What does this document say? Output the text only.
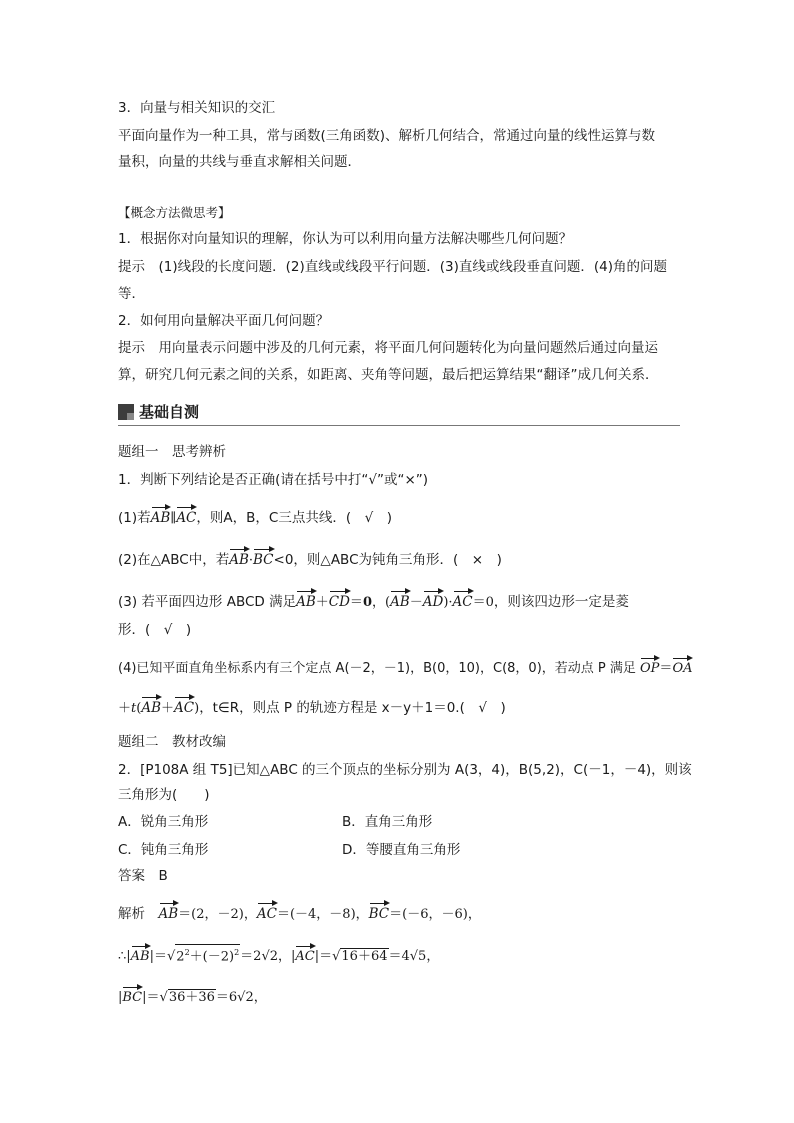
3．向量与相关知识的交汇
平面向量作为一种工具，常与函数(三角函数)、解析几何结合，常通过向量的线性运算与数
量积，向量的共线与垂直求解相关问题．
【概念方法微思考】
1．根据你对向量知识的理解，你认为可以利用向量方法解决哪些几何问题？
提示　(1)线段的长度问题．(2)直线或线段平行问题．(3)直线或线段垂直问题．(4)角的问题
等．
2．如何用向量解决平面几何问题？
提示　用向量表示问题中涉及的几何元素，将平面几何问题转化为向量问题然后通过向量运
算，研究几何元素之间的关系，如距离、夹角等问题，最后把运算结果“翻译”成几何关系．
基础自测
题组一　思考辨析
1．判断下列结论是否正确(请在括号中打“√”或“×”)
(1)若AB∥AC，则A，B，C三点共线．(　√　)
(2)在△ABC中，若AB·BC<0，则△ABC为钝角三角形．(　×　)
(3) 若平面四边形 ABCD 满足AB＋CD＝0，(AB－AD)·AC＝0，则该四边形一定是菱
形．(　√　)
(4)已知平面直角坐标系内有三个定点 A(－2，－1)，B(0，10)，C(8，0)，若动点 P 满足 OP＝OA
＋t(AB＋AC)，t∈R，则点 P 的轨迹方程是 x－y＋1＝0.(　√　)
题组二　教材改编
2．[P108A 组 T5]已知△ABC 的三个顶点的坐标分别为 A(3，4)，B(5,2)，C(－1，－4)，则该
三角形为(　　)
A．锐角三角形	B．直角三角形
C．钝角三角形	D．等腰直角三角形
答案　B
解析　 AB＝(2，－2)，AC＝(－4，－8)，BC＝(－6，－6)，
$\therefore|AB|=√2^2+(-2)^2=2√2$，|AC|＝√16＋64＝4√5，
|BC|＝√36＋36＝6√2，
